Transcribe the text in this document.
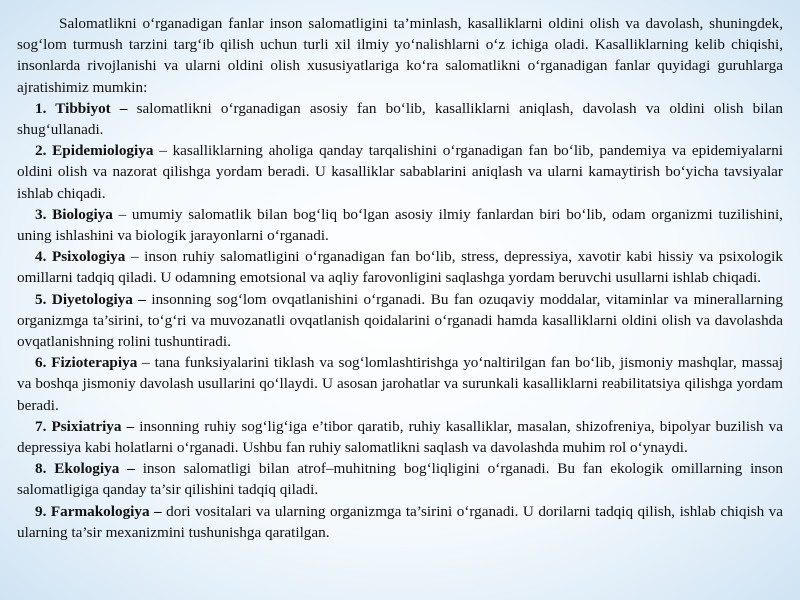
Salomatlikni o‘rganadigan fanlar inson salomatligini ta’minlash, kasalliklarni oldini olish va davolash, shuningdek, sog‘lom turmush tarzini targ‘ib qilish uchun turli xil ilmiy yo‘nalishlarni o‘z ichiga oladi. Kasalliklarning kelib chiqishi, insonlarda rivojlanishi va ularni oldini olish xususiyatlariga ko‘ra salomatlikni o‘rganadigan fanlar quyidagi guruhlarga ajratishimiz mumkin:

1. Tibbiyot – salomatlikni o‘rganadigan asosiy fan bo‘lib, kasalliklarni aniqlash, davolash va oldini olish bilan shug‘ullanadi.

2. Epidemiologiya – kasalliklarning aholiga qanday tarqalishini o‘rganadigan fan bo‘lib, pandemiya va epidemiyalarni oldini olish va nazorat qilishga yordam beradi. U kasalliklar sabablarini aniqlash va ularni kamaytirish bo‘yicha tavsiyalar ishlab chiqadi.

3. Biologiya – umumiy salomatlik bilan bog‘liq bo‘lgan asosiy ilmiy fanlardan biri bo‘lib, odam organizmi tuzilishini, uning ishlashini va biologik jarayonlarni o‘rganadi.

4. Psixologiya – inson ruhiy salomatligini o‘rganadigan fan bo‘lib, stress, depressiya, xavotir kabi hissiy va psixologik omillarni tadqiq qiladi. U odamning emotsional va aqliy farovonligini saqlashga yordam beruvchi usullarni ishlab chiqadi.

5. Diyetologiya – insonning sog‘lom ovqatlanishini o‘rganadi. Bu fan ozuqaviy moddalar, vitaminlar va minerallarning organizmga ta’sirini, to‘g‘ri va muvozanatli ovqatlanish qoidalarini o‘rganadi hamda kasalliklarni oldini olish va davolashda ovqatlanishning rolini tushuntiradi.

6. Fizioterapiya – tana funksiyalarini tiklash va sog‘lomlashtirishga yo‘naltirilgan fan bo‘lib, jismoniy mashqlar, massaj va boshqa jismoniy davolash usullarini qo‘llaydi. U asosan jarohatlar va surunkali kasalliklarni reabilitatsiya qilishga yordam beradi.

7. Psixiatriya – insonning ruhiy sog‘lig‘iga e’tibor qaratib, ruhiy kasalliklar, masalan, shizofreniya, bipolyar buzilish va depressiya kabi holatlarni o‘rganadi. Ushbu fan ruhiy salomatlikni saqlash va davolashda muhim rol o‘ynaydi.

8. Ekologiya – inson salomatligi bilan atrof–muhitning bog‘liqligini o‘rganadi. Bu fan ekologik omillarning inson salomatligiga qanday ta’sir qilishini tadqiq qiladi.

9. Farmakologiya – dori vositalari va ularning organizmga ta’sirini o‘rganadi. U dorilarni tadqiq qilish, ishlab chiqish va ularning ta’sir mexanizmini tushunishga qaratilgan.
